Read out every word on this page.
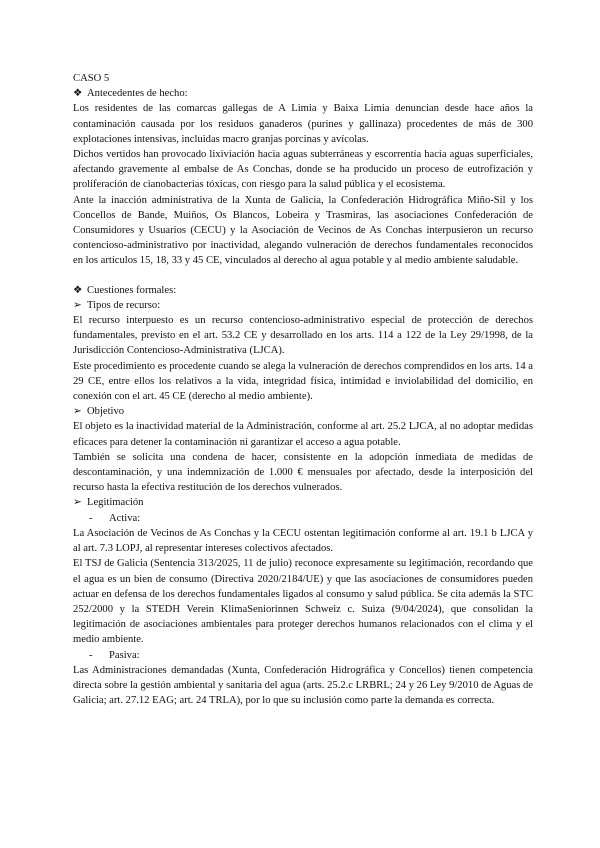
CASO 5

❖ Antecedentes de hecho:

Los residentes de las comarcas gallegas de A Limia y Baixa Limia denuncian desde hace años la contaminación causada por los residuos ganaderos (purines y gallinaza) procedentes de más de 300 explotaciones intensivas, incluidas macro granjas porcinas y avícolas.

Dichos vertidos han provocado lixiviación hacia aguas subterráneas y escorrentía hacia aguas superficiales, afectando gravemente al embalse de As Conchas, donde se ha producido un proceso de eutrofización y proliferación de cianobacterias tóxicas, con riesgo para la salud pública y el ecosistema.

Ante la inacción administrativa de la Xunta de Galicia, la Confederación Hidrográfica Miño-Sil y los Concellos de Bande, Muiños, Os Blancos, Lobeira y Trasmiras, las asociaciones Confederación de Consumidores y Usuarios (CECU) y la Asociación de Vecinos de As Conchas interpusieron un recurso contencioso-administrativo por inactividad, alegando vulneración de derechos fundamentales reconocidos en los artículos 15, 18, 33 y 45 CE, vinculados al derecho al agua potable y al medio ambiente saludable.

❖ Cuestiones formales:
➢ Tipos de recurso:

El recurso interpuesto es un recurso contencioso-administrativo especial de protección de derechos fundamentales, previsto en el art. 53.2 CE y desarrollado en los arts. 114 a 122 de la Ley 29/1998, de la Jurisdicción Contencioso-Administrativa (LJCA).

Este procedimiento es procedente cuando se alega la vulneración de derechos comprendidos en los arts. 14 a 29 CE, entre ellos los relativos a la vida, integridad física, intimidad e inviolabilidad del domicilio, en conexión con el art. 45 CE (derecho al medio ambiente).

➢ Objetivo

El objeto es la inactividad material de la Administración, conforme al art. 25.2 LJCA, al no adoptar medidas eficaces para detener la contaminación ni garantizar el acceso a agua potable.

También se solicita una condena de hacer, consistente en la adopción inmediata de medidas de descontaminación, y una indemnización de 1.000 € mensuales por afectado, desde la interposición del recurso hasta la efectiva restitución de los derechos vulnerados.

➢ Legitimación
-	Activa:

La Asociación de Vecinos de As Conchas y la CECU ostentan legitimación conforme al art. 19.1 b LJCA y al art. 7.3 LOPJ, al representar intereses colectivos afectados.

El TSJ de Galicia (Sentencia 313/2025, 11 de julio) reconoce expresamente su legitimación, recordando que el agua es un bien de consumo (Directiva 2020/2184/UE) y que las asociaciones de consumidores pueden actuar en defensa de los derechos fundamentales ligados al consumo y salud pública. Se cita además la STC 252/2000 y la STEDH Verein KlimaSeniorinnen Schweiz c. Suiza (9/04/2024), que consolidan la legitimación de asociaciones ambientales para proteger derechos humanos relacionados con el clima y el medio ambiente.

-	Pasiva:

Las Administraciones demandadas (Xunta, Confederación Hidrográfica y Concellos) tienen competencia directa sobre la gestión ambiental y sanitaria del agua (arts. 25.2.c LRBRL; 24 y 26 Ley 9/2010 de Aguas de Galicia; art. 27.12 EAG; art. 24 TRLA), por lo que su inclusión como parte la demanda es correcta.
